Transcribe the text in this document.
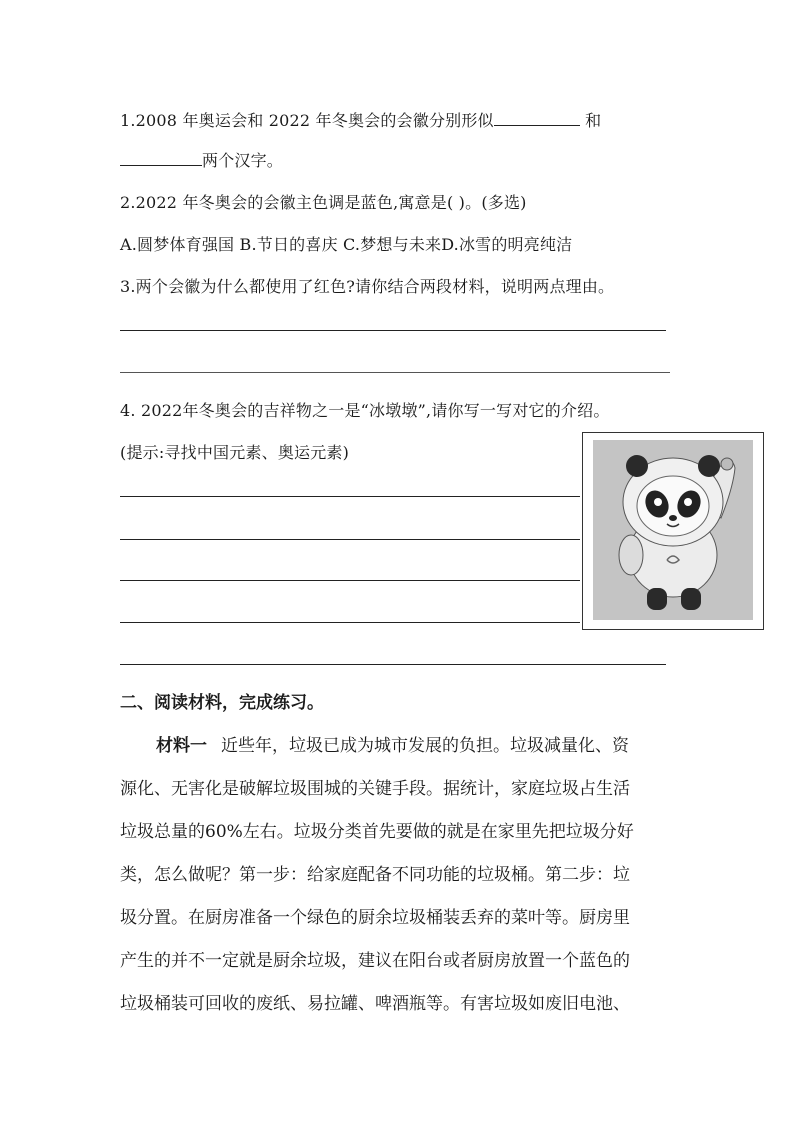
1.2008 年奥运会和 2022 年冬奥会的会徽分别形似	和
两个汉字。
2.2022 年冬奥会的会徽主色调是蓝色,寓意是( )。(多选)
A.圆梦体育强国 B.节日的喜庆 C.梦想与未来D.冰雪的明亮纯洁
3.两个会徽为什么都使用了红色?请你结合两段材料，说明两点理由。
4. 2022年冬奥会的吉祥物之一是“冰墩墩”,请你写一写对它的介绍。
(提示:寻找中国元素、奥运元素)
二、阅读材料，完成练习。
材料一 近些年，垃圾已成为城市发展的负担。垃圾减量化、资
源化、无害化是破解垃圾围城的关键手段。据统计，家庭垃圾占生活
垃圾总量的60%左右。垃圾分类首先要做的就是在家里先把垃圾分好
类，怎么做呢？第一步：给家庭配备不同功能的垃圾桶。第二步：垃
圾分置。在厨房准备一个绿色的厨余垃圾桶装丢弃的菜叶等。厨房里
产生的并不一定就是厨余垃圾，建议在阳台或者厨房放置一个蓝色的
垃圾桶装可回收的废纸、易拉罐、啤酒瓶等。有害垃圾如废旧电池、
